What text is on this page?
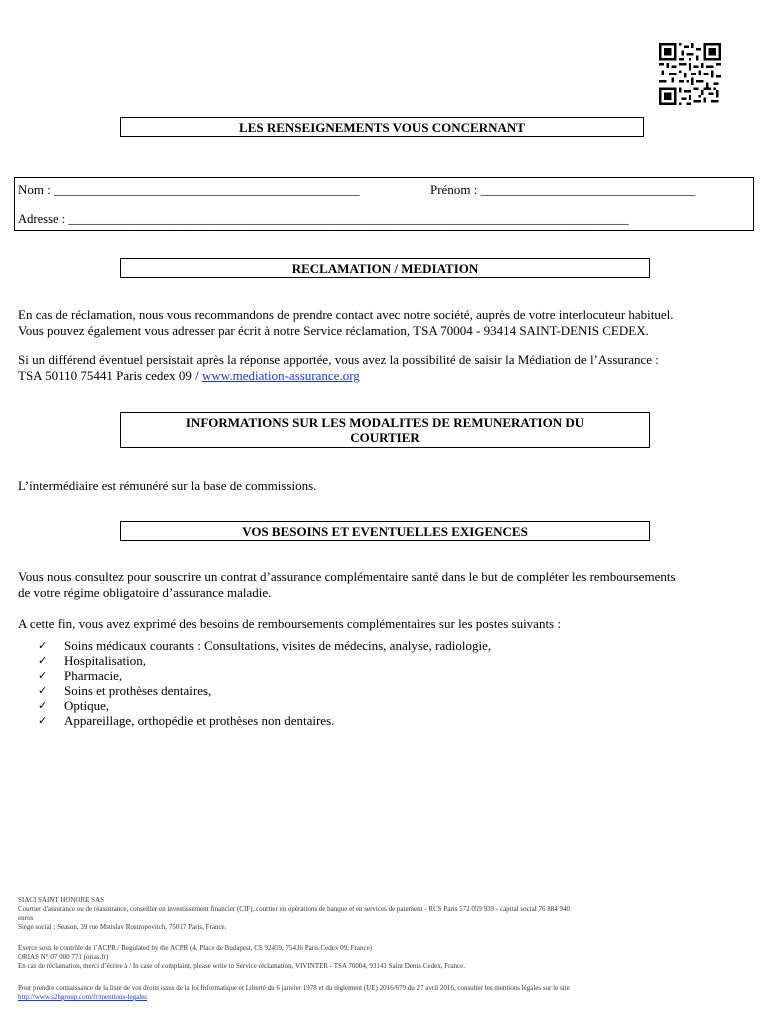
LES RENSEIGNEMENTS VOUS CONCERNANT
Nom : _______________________________________________	Prénom : _________________________________
Adresse : _________________________________________________________________________________________
RECLAMATION / MEDIATION
En cas de réclamation, nous vous recommandons de prendre contact avec notre société, auprès de votre interlocuteur habituel.
Vous pouvez également vous adresser par écrit à notre Service réclamation, TSA 70004 - 93414 SAINT-DENIS CEDEX.
Si un différend éventuel persistait après la réponse apportée, vous avez la possibilité de saisir la Médiation de l’Assurance :
TSA 50110 75441 Paris cedex 09 / www.mediation-assurance.org
INFORMATIONS SUR LES MODALITES DE REMUNERATION DU
COURTIER
L’intermédiaire est rémunéré sur la base de commissions.
VOS BESOINS ET EVENTUELLES EXIGENCES
Vous nous consultez pour souscrire un contrat d’assurance complémentaire santé dans le but de compléter les remboursements
de votre régime obligatoire d’assurance maladie.
A cette fin, vous avez exprimé des besoins de remboursements complémentaires sur les postes suivants :
✓	Soins médicaux courants : Consultations, visites de médecins, analyse, radiologie,
✓	Hospitalisation,
✓	Pharmacie,
✓	Soins et prothèses dentaires,
✓	Optique,
✓	Appareillage, orthopédie et prothèses non dentaires.
SIACI SAINT HONORE SAS
Courtier d'assurance ou de réassurance, conseiller en investissement financier (CIF), courtier en opérations de banque et en services de paiement - RCS Paris 572 059 939 - capital social 76 884 940
euros
Siège social : Season, 39 rue Mstislav Rostropovitch, 75017 Paris, France.
Exerce sous le contrôle de l’ACPR / Regulated by the ACPR (4, Place de Budapest, CS 92459, 75436 Paris Cedex 09, France)
ORIAS N° 07 000 771 (orias.fr)
En cas de réclamation, merci d’écrire à / In case of complaint, please write to Service réclamation, VIVINTER - TSA 70004, 93141 Saint Denis Cedex, France.
Pour prendre connaissance de la liste de vos droits issus de la loi Informatique et Liberté du 6 janvier 1978 et du règlement (UE) 2016/679 du 27 avril 2016, consulter les mentions légales sur le site
http://www.s2hgroup.com/fr/mentions-legales
